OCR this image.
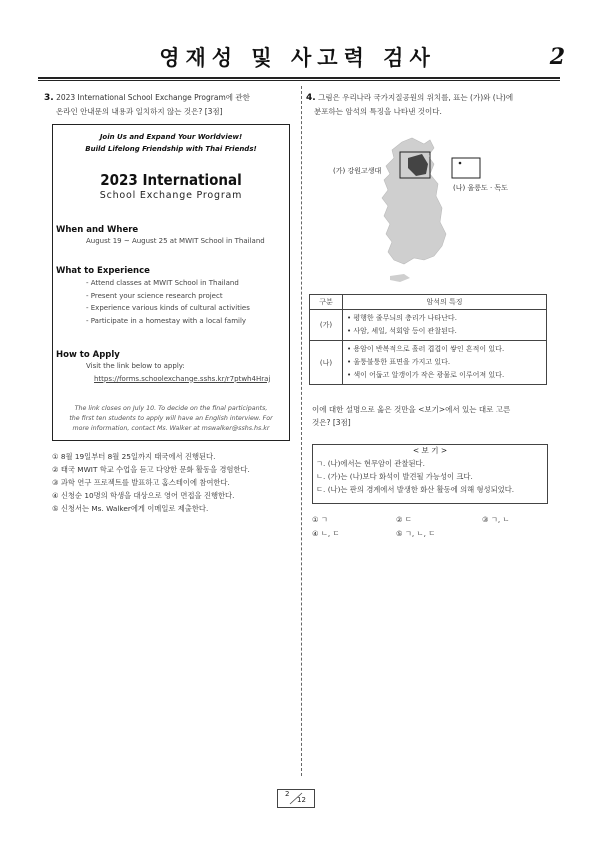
영재성 및 사고력 검사	2
3. 2023 International School Exchange Program에 관한
온라인 안내문의 내용과 일치하지 않는 것은? [3점]
Join Us and Expand Your Worldview!
Build Lifelong Friendship with Thai Friends!
2023 International
School Exchange Program
When and Where
August 19 ~ August 25 at MWIT School in Thailand
What to Experience
- Attend classes at MWIT School in Thailand
- Present your science research project
- Experience various kinds of cultural activities
- Participate in a homestay with a local family
How to Apply
Visit the link below to apply:
https://forms.schoolexchange.sshs.kr/r7ptwh4Hraj
The link closes on July 10. To decide on the final participants,
the first ten students to apply will have an English interview. For
more information, contact Ms. Walker at mswalker@sshs.hs.kr
① 8월 19일부터 8월 25일까지 태국에서 진행된다.
② 태국 MWIT 학교 수업을 듣고 다양한 문화 활동을 경험한다.
③ 과학 연구 프로젝트를 발표하고 홈스테이에 참여한다.
④ 신청순 10명의 학생을 대상으로 영어 면접을 진행한다.
⑤ 신청서는 Ms. Walker에게 이메일로 제출한다.
4. 그림은 우리나라 국가지질공원의 위치를, 표는 (가)와 (나)에
분포하는 암석의 특징을 나타낸 것이다.
(가) 강원고생대
(나) 울릉도 · 독도
구분	암석의 특징
(가)	• 평행한 줄무늬의 층리가 나타난다.
• 사암, 셰일, 석회암 등이 관찰된다.

(나)	• 용암이 반복적으로 흘러 겹겹이 쌓인 흔적이 있다.
• 울퉁불퉁한 표면을 가지고 있다.
• 색이 어둡고 알갱이가 작은 광물로 이루어져 있다.
이에 대한 설명으로 옳은 것만을 <보기>에서 있는 대로 고른
것은? [3점]
< 보 기 >
ㄱ. (나)에서는 현무암이 관찰된다.
ㄴ. (가)는 (나)보다 화석이 발견될 가능성이 크다.
ㄷ. (나)는 판의 경계에서 발생한 화산 활동에 의해 형성되었다.
① ㄱ	② ㄷ	③ ㄱ, ㄴ
④ ㄴ, ㄷ	⑤ ㄱ, ㄴ, ㄷ
2
12
